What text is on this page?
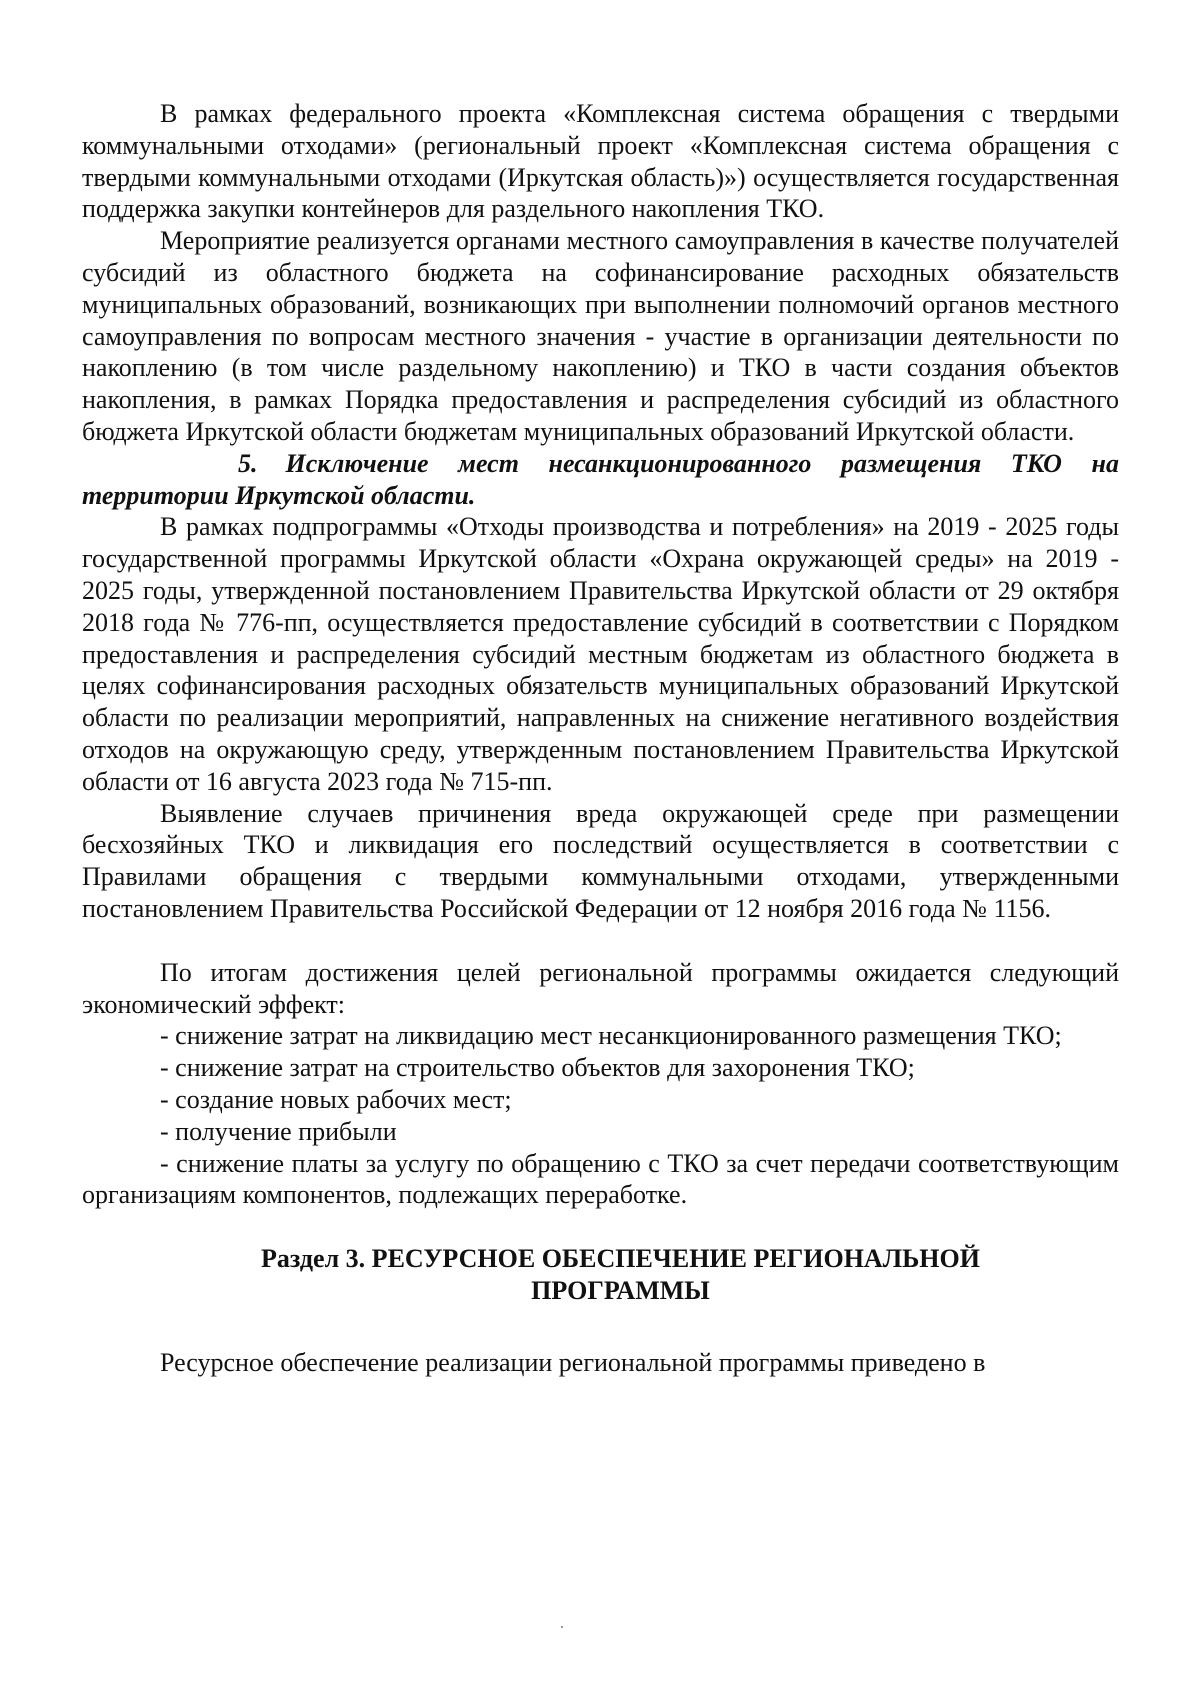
В рамках федерального проекта «Комплексная система обращения с твердыми коммунальными отходами» (региональный проект «Комплексная система обращения с твердыми коммунальными отходами (Иркутская область)») осуществляется государственная поддержка закупки контейнеров для раздельного накопления ТКО.

Мероприятие реализуется органами местного самоуправления в качестве получателей субсидий из областного бюджета на софинансирование расходных обязательств муниципальных образований, возникающих при выполнении полномочий органов местного самоуправления по вопросам местного значения - участие в организации деятельности по накоплению (в том числе раздельному накоплению) и ТКО в части создания объектов накопления, в рамках Порядка предоставления и распределения субсидий из областного бюджета Иркутской области бюджетам муниципальных образований Иркутской области.

5. Исключение мест несанкционированного размещения ТКО на территории Иркутской области.

В рамках подпрограммы «Отходы производства и потребления» на 2019 - 2025 годы государственной программы Иркутской области «Охрана окружающей среды» на 2019 - 2025 годы, утвержденной постановлением Правительства Иркутской области от 29 октября 2018 года № 776-пп, осуществляется предоставление субсидий в соответствии с Порядком предоставления и распределения субсидий местным бюджетам из областного бюджета в целях софинансирования расходных обязательств муниципальных образований Иркутской области по реализации мероприятий, направленных на снижение негативного воздействия отходов на окружающую среду, утвержденным постановлением Правительства Иркутской области от 16 августа 2023 года № 715-пп.

Выявление случаев причинения вреда окружающей среде при размещении бесхозяйных ТКО и ликвидация его последствий осуществляется в соответствии с Правилами обращения с твердыми коммунальными отходами, утвержденными постановлением Правительства Российской Федерации от 12 ноября 2016 года № 1156.

По итогам достижения целей региональной программы ожидается следующий экономический эффект:

- снижение затрат на ликвидацию мест несанкционированного размещения ТКО;

- снижение затрат на строительство объектов для захоронения ТКО;

- создание новых рабочих мест;

- получение прибыли

- снижение платы за услугу по обращению с ТКО за счет передачи соответствующим организациям компонентов, подлежащих переработке.

Раздел 3. РЕСУРСНОЕ ОБЕСПЕЧЕНИЕ РЕГИОНАЛЬНОЙ
ПРОГРАММЫ

Ресурсное обеспечение реализации региональной программы приведено в
